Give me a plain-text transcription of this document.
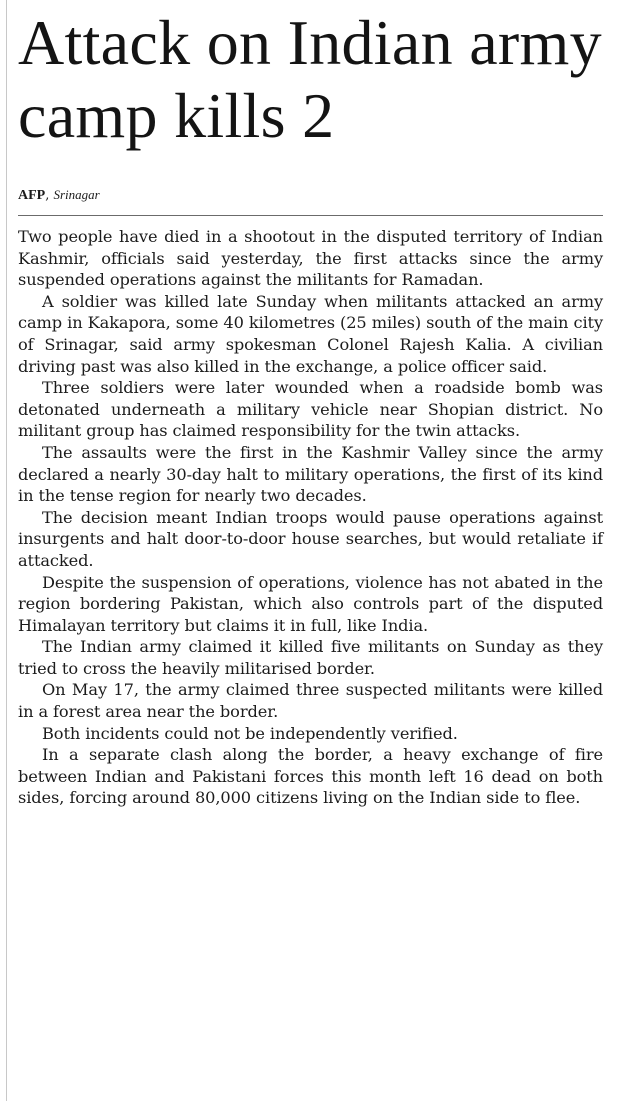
Attack on Indian army camp kills 2
AFP, Srinagar

Two people have died in a shootout in the disputed territory of Indian Kashmir, officials said yesterday, the first attacks since the army suspended operations against the militants for Ramadan.

A soldier was killed late Sunday when militants attacked an army camp in Kakapora, some 40 kilometres (25 miles) south of the main city of Srinagar, said army spokesman Colonel Rajesh Kalia. A civilian driving past was also killed in the exchange, a police officer said.

Three soldiers were later wounded when a roadside bomb was detonated underneath a military vehicle near Shopian district. No militant group has claimed responsibility for the twin attacks.

The assaults were the first in the Kashmir Valley since the army declared a nearly 30-day halt to military operations, the first of its kind in the tense region for nearly two decades.

The decision meant Indian troops would pause operations against insurgents and halt door-to-door house searches, but would retaliate if attacked.

Despite the suspension of operations, violence has not abated in the region bordering Pakistan, which also controls part of the disputed Himalayan territory but claims it in full, like India.

The Indian army claimed it killed five militants on Sunday as they tried to cross the heavily militarised border.

On May 17, the army claimed three suspected militants were killed in a forest area near the border.

Both incidents could not be independently verified.

In a separate clash along the border, a heavy exchange of fire between Indian and Pakistani forces this month left 16 dead on both sides, forcing around 80,000 citizens living on the Indian side to flee.
